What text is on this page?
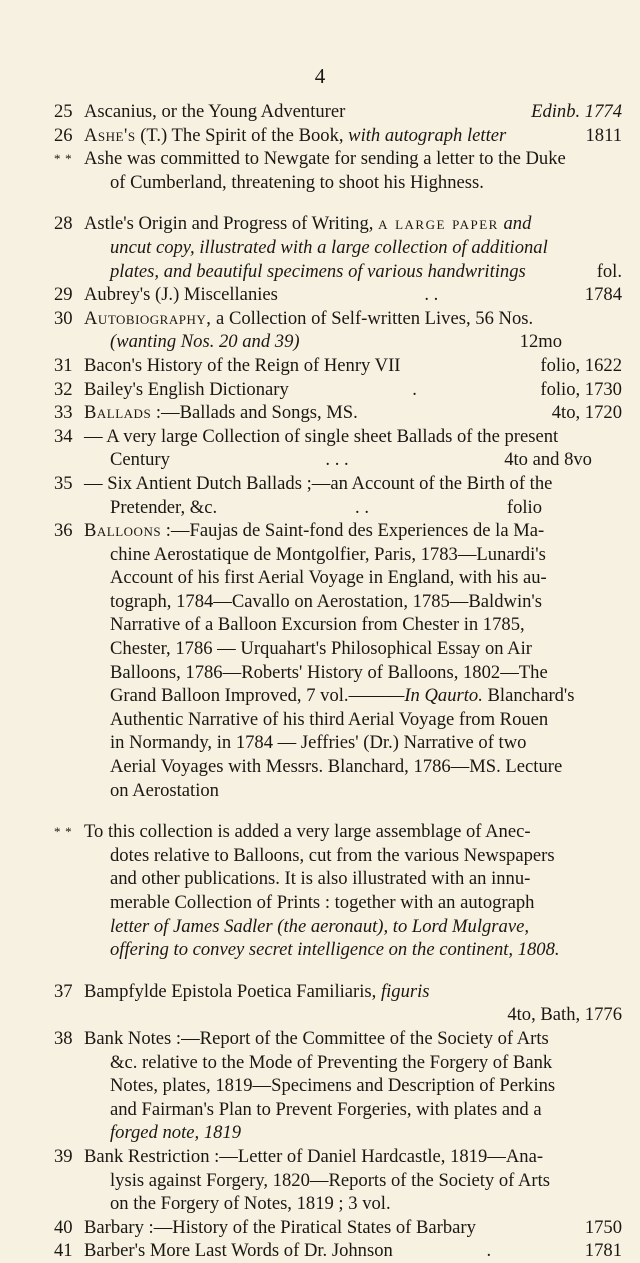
4
25 Ascanius, or the Young Adventurer	Edinb. 1774
26 Ashe's (T.) The Spirit of the Book, with autograph letter	1811
* * Ashe was committed to Newgate for sending a letter to the Duke
of Cumberland, threatening to shoot his Highness.
28 Astle's Origin and Progress of Writing, a large paper and
uncut copy, illustrated with a large collection of additional
plates, and beautiful specimens of various handwritings	fol.
29 Aubrey's (J.) Miscellanies	. .	1784
30 Autobiography, a Collection of Self-written Lives, 56 Nos.
(wanting Nos. 20 and 39)	12mo
31 Bacon's History of the Reign of Henry VII	folio, 1622
32 Bailey's English Dictionary	.	folio, 1730
33 Ballads :—Ballads and Songs, MS.	4to, 1720
34 — A very large Collection of single sheet Ballads of the present
Century	. . .	4to and 8vo
35 — Six Antient Dutch Ballads ;—an Account of the Birth of the
Pretender, &c.	. .	folio
36 Balloons :—Faujas de Saint-fond des Experiences de la Ma-
chine Aerostatique de Montgolfier, Paris, 1783—Lunardi's
Account of his first Aerial Voyage in England, with his au-
tograph, 1784—Cavallo on Aerostation, 1785—Baldwin's
Narrative of a Balloon Excursion from Chester in 1785,
Chester, 1786 — Urquahart's Philosophical Essay on Air
Balloons, 1786—Roberts' History of Balloons, 1802—The
Grand Balloon Improved, 7 vol.———In Qaurto. Blanchard's
Authentic Narrative of his third Aerial Voyage from Rouen
in Normandy, in 1784 — Jeffries' (Dr.) Narrative of two
Aerial Voyages with Messrs. Blanchard, 1786—MS. Lecture
on Aerostation
* * To this collection is added a very large assemblage of Anec-
dotes relative to Balloons, cut from the various Newspapers
and other publications. It is also illustrated with an innu-
merable Collection of Prints : together with an autograph
letter of James Sadler (the aeronaut), to Lord Mulgrave,
offering to convey secret intelligence on the continent, 1808.
37 Bampfylde Epistola Poetica Familiaris, figuris
4to, Bath, 1776
38 Bank Notes :—Report of the Committee of the Society of Arts
&c. relative to the Mode of Preventing the Forgery of Bank
Notes, plates, 1819—Specimens and Description of Perkins
and Fairman's Plan to Prevent Forgeries, with plates and a
forged note, 1819
39 Bank Restriction :—Letter of Daniel Hardcastle, 1819—Ana-
lysis against Forgery, 1820—Reports of the Society of Arts
on the Forgery of Notes, 1819 ; 3 vol.
40 Barbary :—History of the Piratical States of Barbary	1750
41 Barber's More Last Words of Dr. Johnson	.	1781
